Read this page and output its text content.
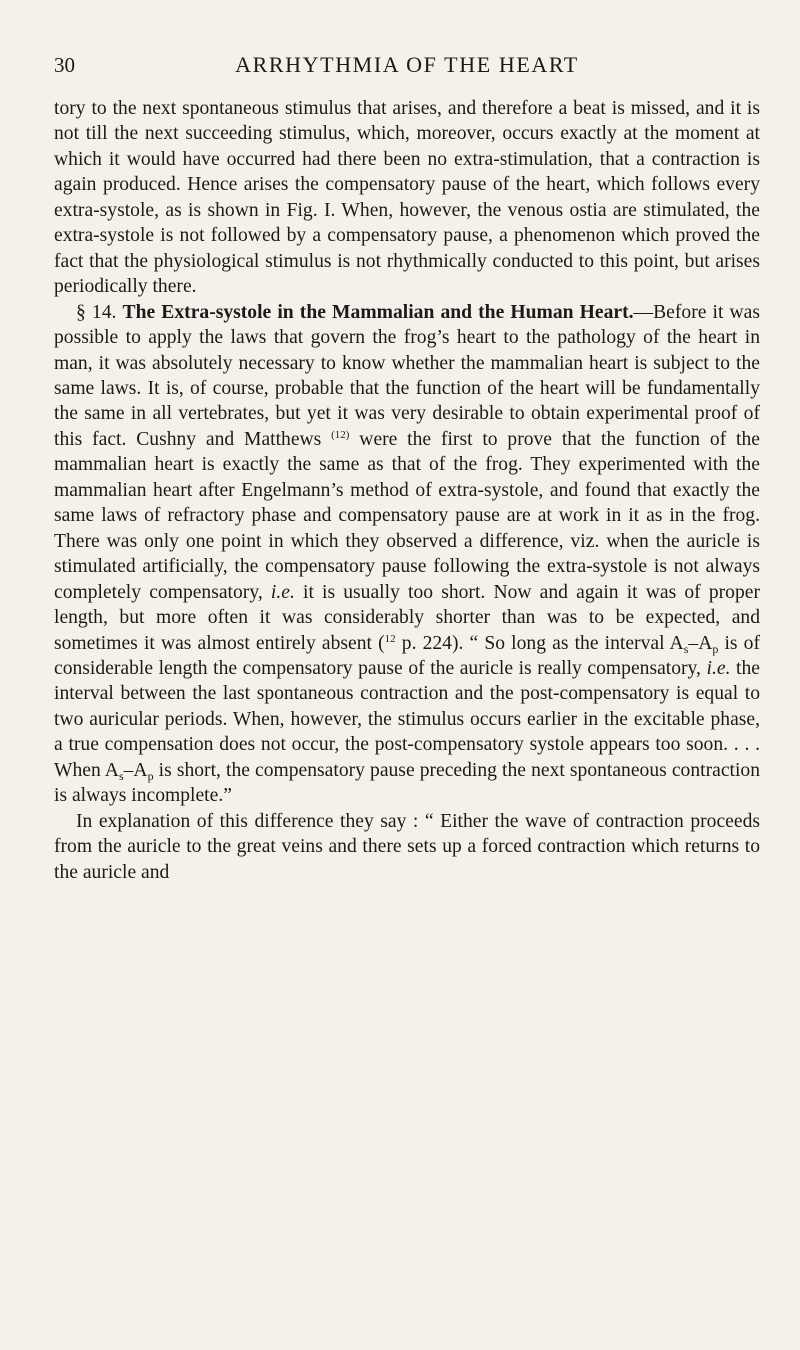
30	ARRHYTHMIA OF THE HEART

tory to the next spontaneous stimulus that arises, and therefore a beat is missed, and it is not till the next succeeding stimulus, which, moreover, occurs exactly at the moment at which it would have occurred had there been no extra-stimulation, that a contraction is again produced. Hence arises the compensatory pause of the heart, which follows every extra-systole, as is shown in Fig. I. When, however, the venous ostia are stimulated, the extra-systole is not followed by a compensatory pause, a phenomenon which proved the fact that the physiological stimulus is not rhythmically conducted to this point, but arises periodically there.

§ 14. The Extra-systole in the Mammalian and the Human Heart.—Before it was possible to apply the laws that govern the frog’s heart to the pathology of the heart in man, it was absolutely necessary to know whether the mammalian heart is subject to the same laws. It is, of course, probable that the function of the heart will be fundamentally the same in all vertebrates, but yet it was very desirable to obtain experimental proof of this fact. Cushny and Matthews $^{(12)}$ were the first to prove that the function of the mammalian heart is exactly the same as that of the frog. They experimented with the mammalian heart after Engelmann’s method of extra-systole, and found that exactly the same laws of refractory phase and compensatory pause are at work in it as in the frog. There was only one point in which they observed a difference, viz. when the auricle is stimulated artificially, the compensatory pause following the extra-systole is not always completely compensatory, i.e. it is usually too short. Now and again it was of proper length, but more often it was considerably shorter than was to be expected, and sometimes it was almost entirely absent ($^{12}$ p. 224). “ So long as the interval $A_s-A_p$ is of considerable length the compensatory pause of the auricle is really compensatory, i.e. the interval between the last spontaneous contraction and the post-compensatory is equal to two auricular periods. When, however, the stimulus occurs earlier in the excitable phase, a true compensation does not occur, the post-compensatory systole appears too soon. . . . When $A_s-A_p$ is short, the compensatory pause preceding the next spontaneous contraction is always incomplete.”

In explanation of this difference they say : “ Either the wave of contraction proceeds from the auricle to the great veins and there sets up a forced contraction which returns to the auricle and
